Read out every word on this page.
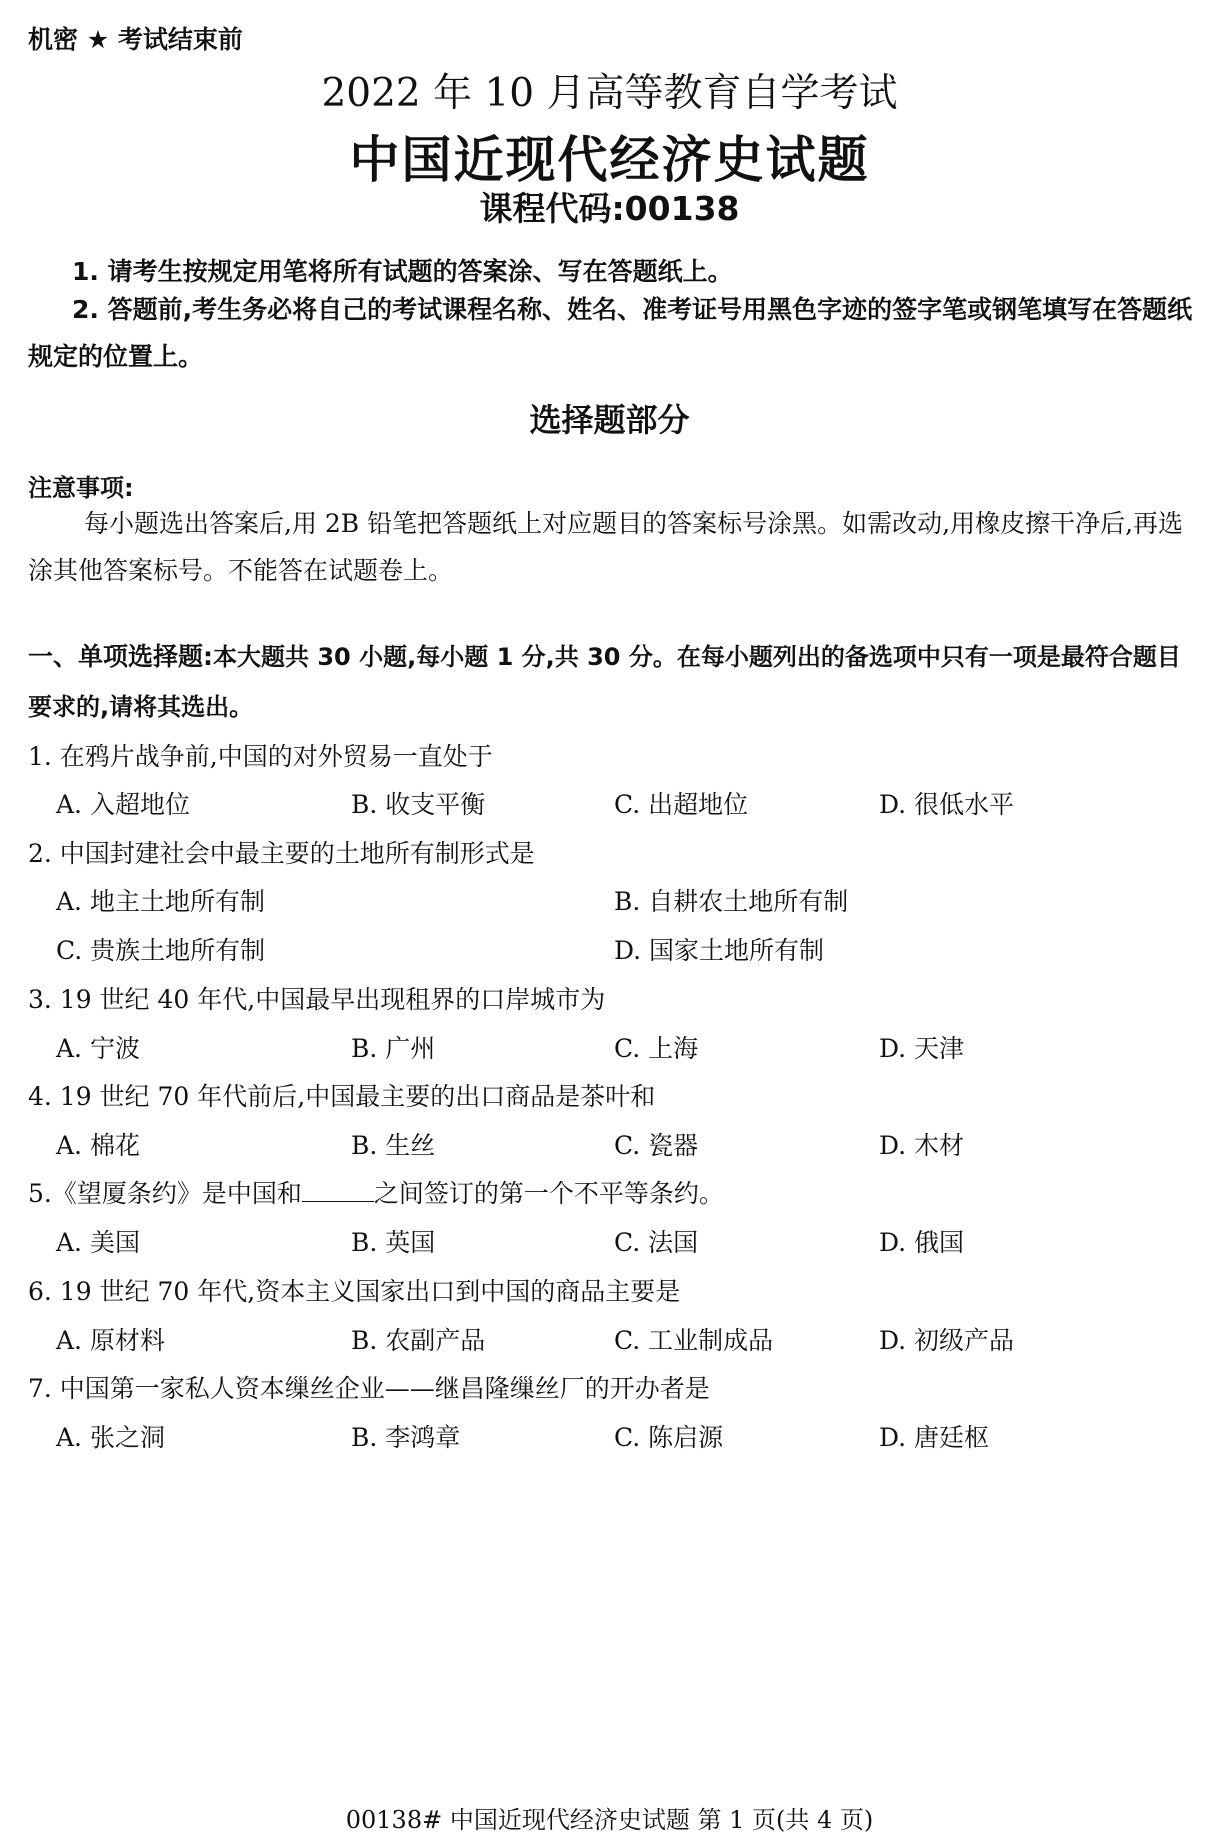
机密 ★ 考试结束前
2022 年 10 月高等教育自学考试
中国近现代经济史试题
课程代码:00138
1. 请考生按规定用笔将所有试题的答案涂、写在答题纸上。
2. 答题前,考生务必将自己的考试课程名称、姓名、准考证号用黑色字迹的签字笔或钢笔填写在答题纸规定的位置上。
选择题部分
注意事项:
每小题选出答案后,用 2B 铅笔把答题纸上对应题目的答案标号涂黑。如需改动,用橡皮擦干净后,再选涂其他答案标号。不能答在试题卷上。
一、单项选择题:本大题共 30 小题,每小题 1 分,共 30 分。在每小题列出的备选项中只有一项是最符合题目要求的,请将其选出。
1. 在鸦片战争前,中国的对外贸易一直处于
A. 入超地位	B. 收支平衡	C. 出超地位	D. 很低水平
2. 中国封建社会中最主要的土地所有制形式是
A. 地主土地所有制	B. 自耕农土地所有制
C. 贵族土地所有制	D. 国家土地所有制
3. 19 世纪 40 年代,中国最早出现租界的口岸城市为
A. 宁波	B. 广州	C. 上海	D. 天津
4. 19 世纪 70 年代前后,中国最主要的出口商品是茶叶和
A. 棉花	B. 生丝	C. 瓷器	D. 木材
5.《望厦条约》是中国和	之间签订的第一个不平等条约。
A. 美国	B. 英国	C. 法国	D. 俄国
6. 19 世纪 70 年代,资本主义国家出口到中国的商品主要是
A. 原材料	B. 农副产品	C. 工业制成品	D. 初级产品
7. 中国第一家私人资本缫丝企业——继昌隆缫丝厂的开办者是
A. 张之洞	B. 李鸿章	C. 陈启源	D. 唐廷枢
00138# 中国近现代经济史试题 第 1 页(共 4 页)
